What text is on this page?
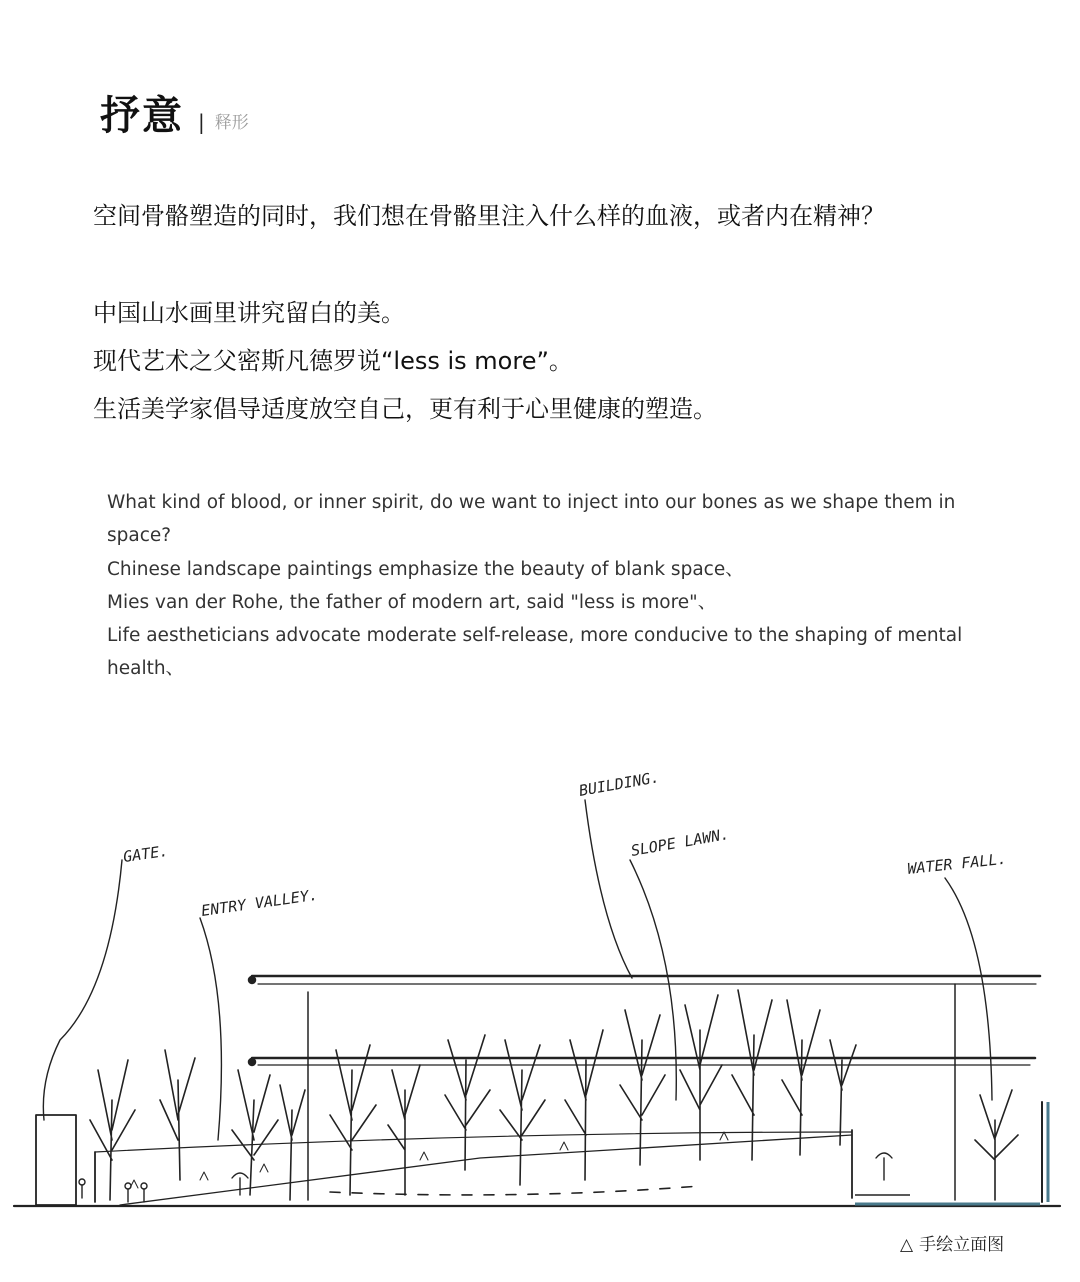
抒意 | 释形
空间骨骼塑造的同时，我们想在骨骼里注入什么样的血液，或者内在精神？
中国山水画里讲究留白的美。
现代艺术之父密斯凡德罗说“less is more”。
生活美学家倡导适度放空自己，更有利于心里健康的塑造。

What kind of blood, or inner spirit, do we want to inject into our bones as we shape them in space?

Chinese landscape paintings emphasize the beauty of blank space、

Mies van der Rohe, the father of modern art, said "less is more"、

Life aestheticians advocate moderate self-release, more conducive to the shaping of mental health、

BUILDING.
SLOPE LAWN.
GATE.
ENTRY VALLEY.
WATER FALL.
△ 手绘立面图
